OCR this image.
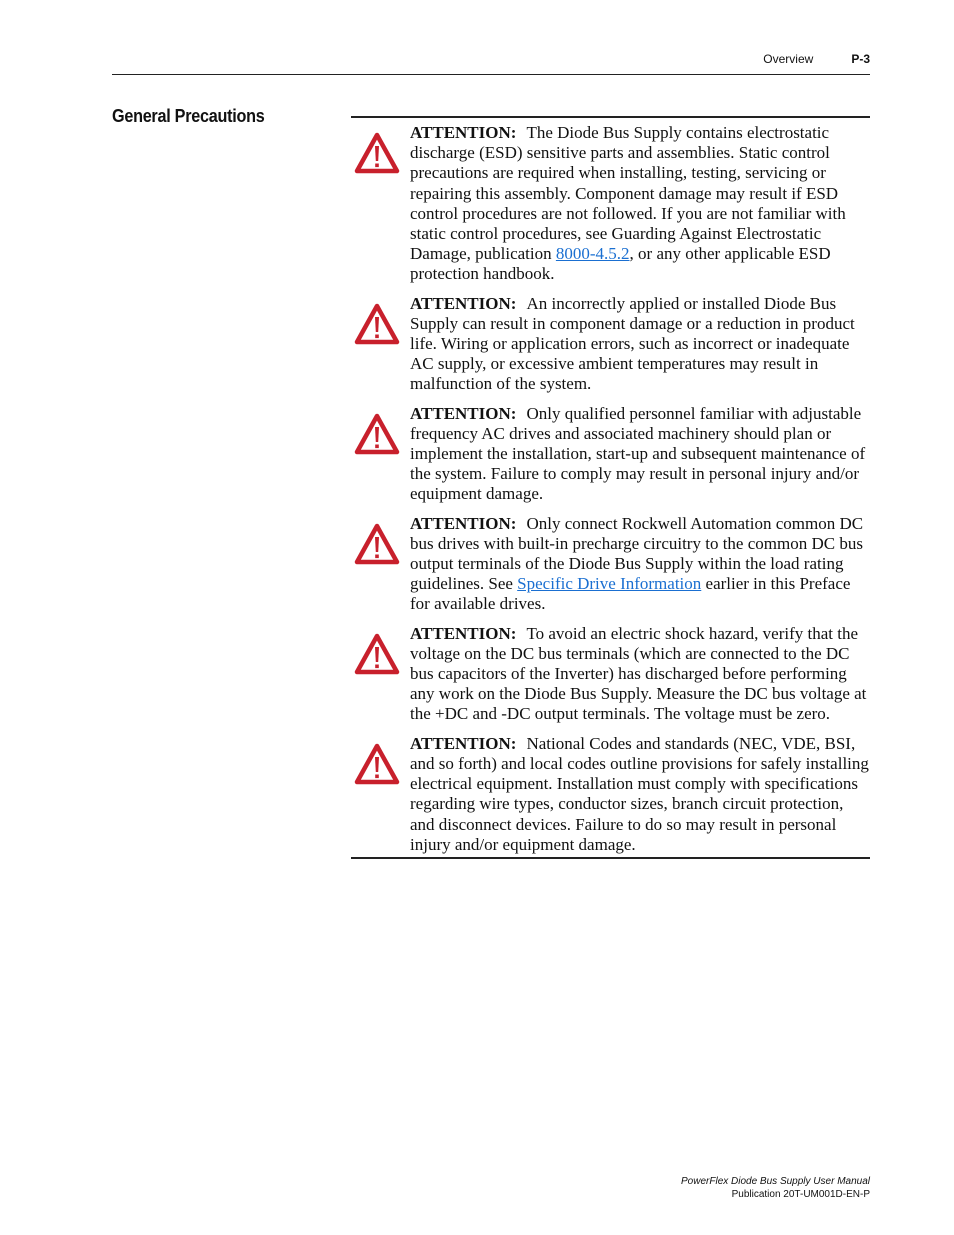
Overview	P-3
General Precautions
ATTENTION: The Diode Bus Supply contains electrostatic discharge (ESD) sensitive parts and assemblies. Static control precautions are required when installing, testing, servicing or repairing this assembly. Component damage may result if ESD control procedures are not followed. If you are not familiar with static control procedures, see Guarding Against Electrostatic Damage, publication 8000-4.5.2, or any other applicable ESD protection handbook.
ATTENTION: An incorrectly applied or installed Diode Bus Supply can result in component damage or a reduction in product life. Wiring or application errors, such as incorrect or inadequate AC supply, or excessive ambient temperatures may result in malfunction of the system.
ATTENTION: Only qualified personnel familiar with adjustable frequency AC drives and associated machinery should plan or implement the installation, start-up and subsequent maintenance of the system. Failure to comply may result in personal injury and/or equipment damage.
ATTENTION: Only connect Rockwell Automation common DC bus drives with built-in precharge circuitry to the common DC bus output terminals of the Diode Bus Supply within the load rating guidelines. See Specific Drive Information earlier in this Preface for available drives.
ATTENTION: To avoid an electric shock hazard, verify that the voltage on the DC bus terminals (which are connected to the DC bus capacitors of the Inverter) has discharged before performing any work on the Diode Bus Supply. Measure the DC bus voltage at the +DC and -DC output terminals. The voltage must be zero.
ATTENTION: National Codes and standards (NEC, VDE, BSI, and so forth) and local codes outline provisions for safely installing electrical equipment. Installation must comply with specifications regarding wire types, conductor sizes, branch circuit protection, and disconnect devices. Failure to do so may result in personal injury and/or equipment damage.
PowerFlex Diode Bus Supply User Manual
Publication 20T-UM001D-EN-P
